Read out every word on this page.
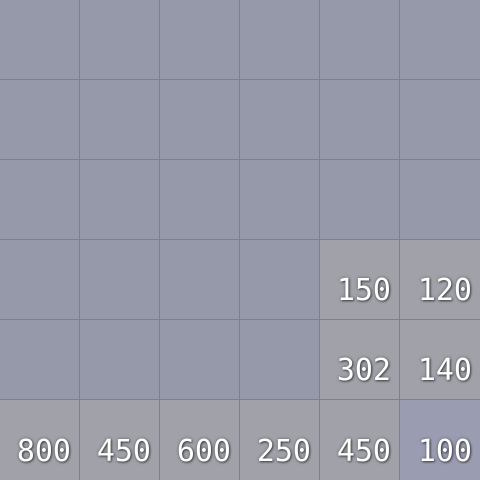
150 120
302 140
800 450 600 250 450 100
